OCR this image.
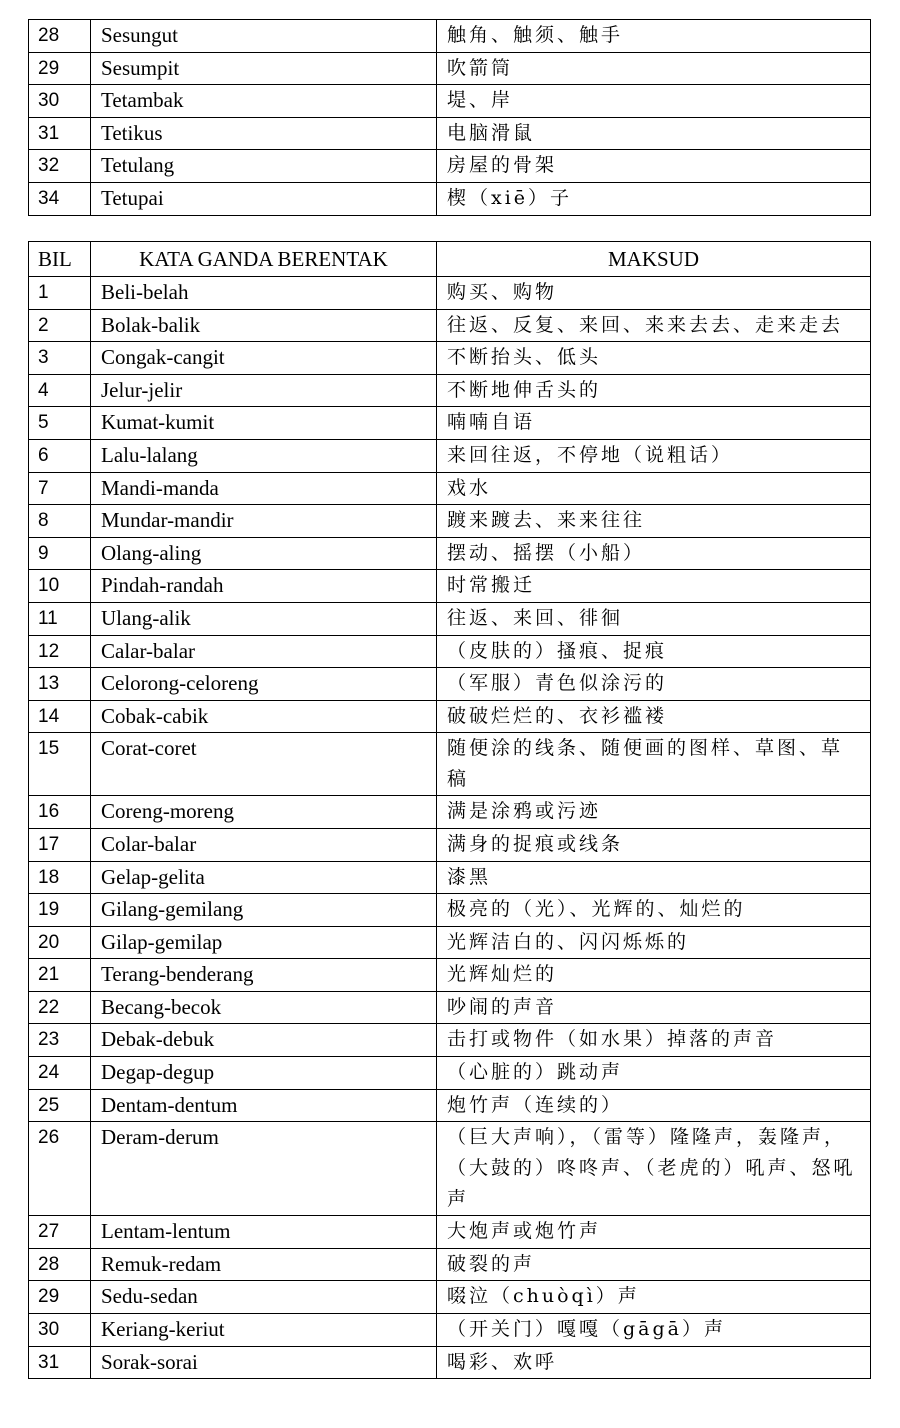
28	Sesungut	触角、触须、触手
29	Sesumpit	吹箭筒
30	Tetambak	堤、岸
31	Tetikus	电脑滑鼠
32	Tetulang	房屋的骨架
34	Tetupai	楔（xiē）子
BIL	KATA GANDA BERENTAK	MAKSUD
1	Beli-belah	购买、购物
2	Bolak-balik	往返、反复、来回、来来去去、走来走去
3	Congak-cangit	不断抬头、低头
4	Jelur-jelir	不断地伸舌头的
5	Kumat-kumit	喃喃自语
6	Lalu-lalang	来回往返，不停地（说粗话）
7	Mandi-manda	戏水
8	Mundar-mandir	踱来踱去、来来往往
9	Olang-aling	摆动、摇摆（小船）
10	Pindah-randah	时常搬迁
11	Ulang-alik	往返、来回、徘徊
12	Calar-balar	（皮肤的）搔痕、捉痕
13	Celorong-celoreng	（军服）青色似涂污的
14	Cobak-cabik	破破烂烂的、衣衫褴褛
15	Corat-coret	随便涂的线条、随便画的图样、草图、草稿
16	Coreng-moreng	满是涂鸦或污迹
17	Colar-balar	满身的捉痕或线条
18	Gelap-gelita	漆黑
19	Gilang-gemilang	极亮的（光）、光辉的、灿烂的
20	Gilap-gemilap	光辉洁白的、闪闪烁烁的
21	Terang-benderang	光辉灿烂的
22	Becang-becok	吵闹的声音
23	Debak-debuk	击打或物件（如水果）掉落的声音
24	Degap-degup	（心脏的）跳动声
25	Dentam-dentum	炮竹声（连续的）
26	Deram-derum	（巨大声响），（雷等）隆隆声，轰隆声，（大鼓的）咚咚声、（老虎的）吼声、怒吼声
27	Lentam-lentum	大炮声或炮竹声
28	Remuk-redam	破裂的声
29	Sedu-sedan	啜泣（chuòqì）声
30	Keriang-keriut	（开关门）嘎嘎（gāgā）声
31	Sorak-sorai	喝彩、欢呼
